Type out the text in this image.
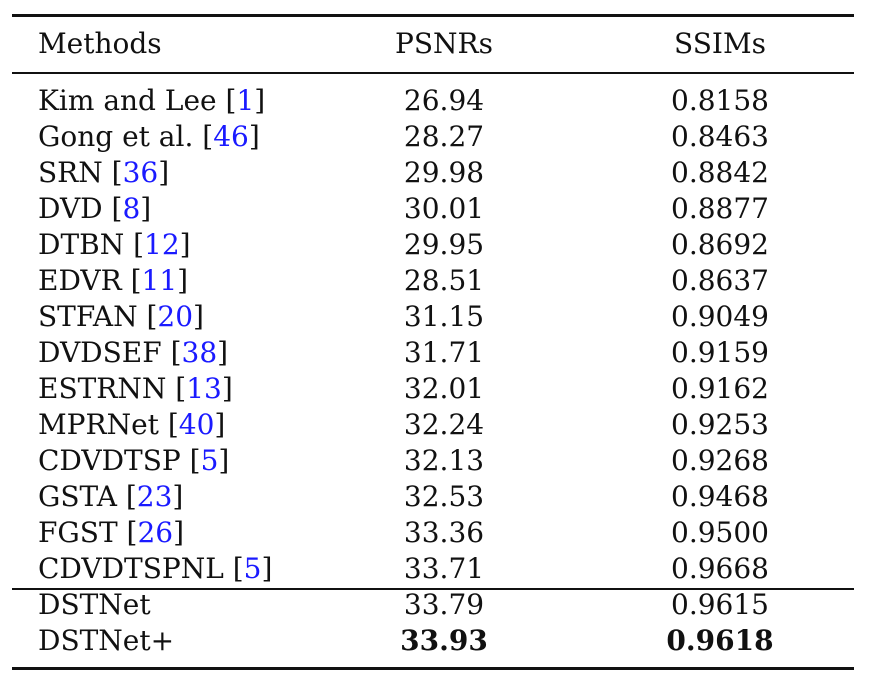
Methods	PSNRs	SSIMs
Kim and Lee [1]	26.94	0.8158
Gong et al. [46]	28.27	0.8463
SRN [36]	29.98	0.8842
DVD [8]	30.01	0.8877
DTBN [12]	29.95	0.8692
EDVR [11]	28.51	0.8637
STFAN [20]	31.15	0.9049
DVDSEF [38]	31.71	0.9159
ESTRNN [13]	32.01	0.9162
MPRNet [40]	32.24	0.9253
CDVDTSP [5]	32.13	0.9268
GSTA [23]	32.53	0.9468
FGST [26]	33.36	0.9500
CDVDTSPNL [5]	33.71	0.9668
DSTNet	33.79	0.9615
DSTNet+	33.93	0.9618
